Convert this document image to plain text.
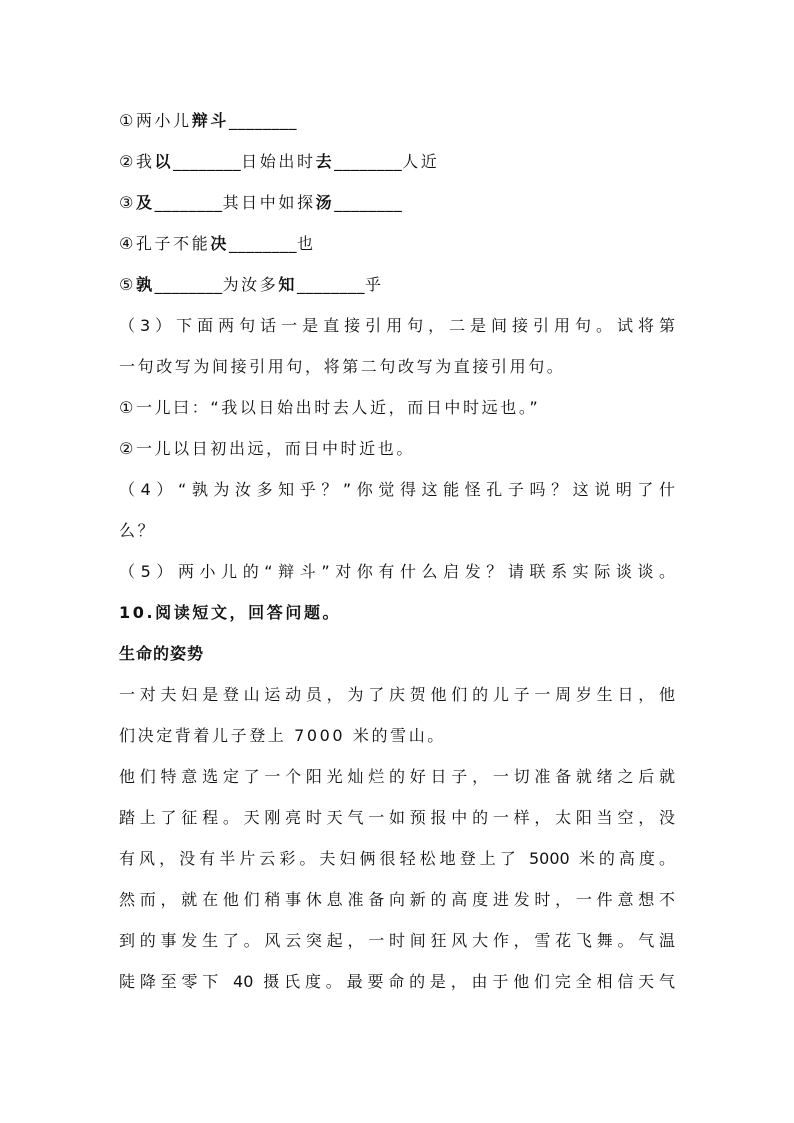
①两小儿辩斗________
②我以________日始出时去________人近
③及________其日中如探汤________
④孔子不能决________也
⑤孰________为汝多知________乎
（3）下面两句话一是直接引用句，二是间接引用句。试将第
一句改写为间接引用句，将第二句改写为直接引用句。
①一儿曰：“我以日始出时去人近，而日中时远也。”
②一儿以日初出远，而日中时近也。
（4）“孰为汝多知乎？”你觉得这能怪孔子吗？这说明了什
么？
（5）两小儿的“辩斗”对你有什么启发？请联系实际谈谈。
10.阅读短文，回答问题。
生命的姿势
一对夫妇是登山运动员，为了庆贺他们的儿子一周岁生日，他
们决定背着儿子登上 7000 米的雪山。
他们特意选定了一个阳光灿烂的好日子，一切准备就绪之后就
踏上了征程。天刚亮时天气一如预报中的一样，太阳当空，没
有风，没有半片云彩。夫妇俩很轻松地登上了 5000 米的高度。
然而，就在他们稍事休息准备向新的高度进发时，一件意想不
到的事发生了。风云突起，一时间狂风大作，雪花飞舞。气温
陡降至零下 40 摄氏度。最要命的是，由于他们完全相信天气
